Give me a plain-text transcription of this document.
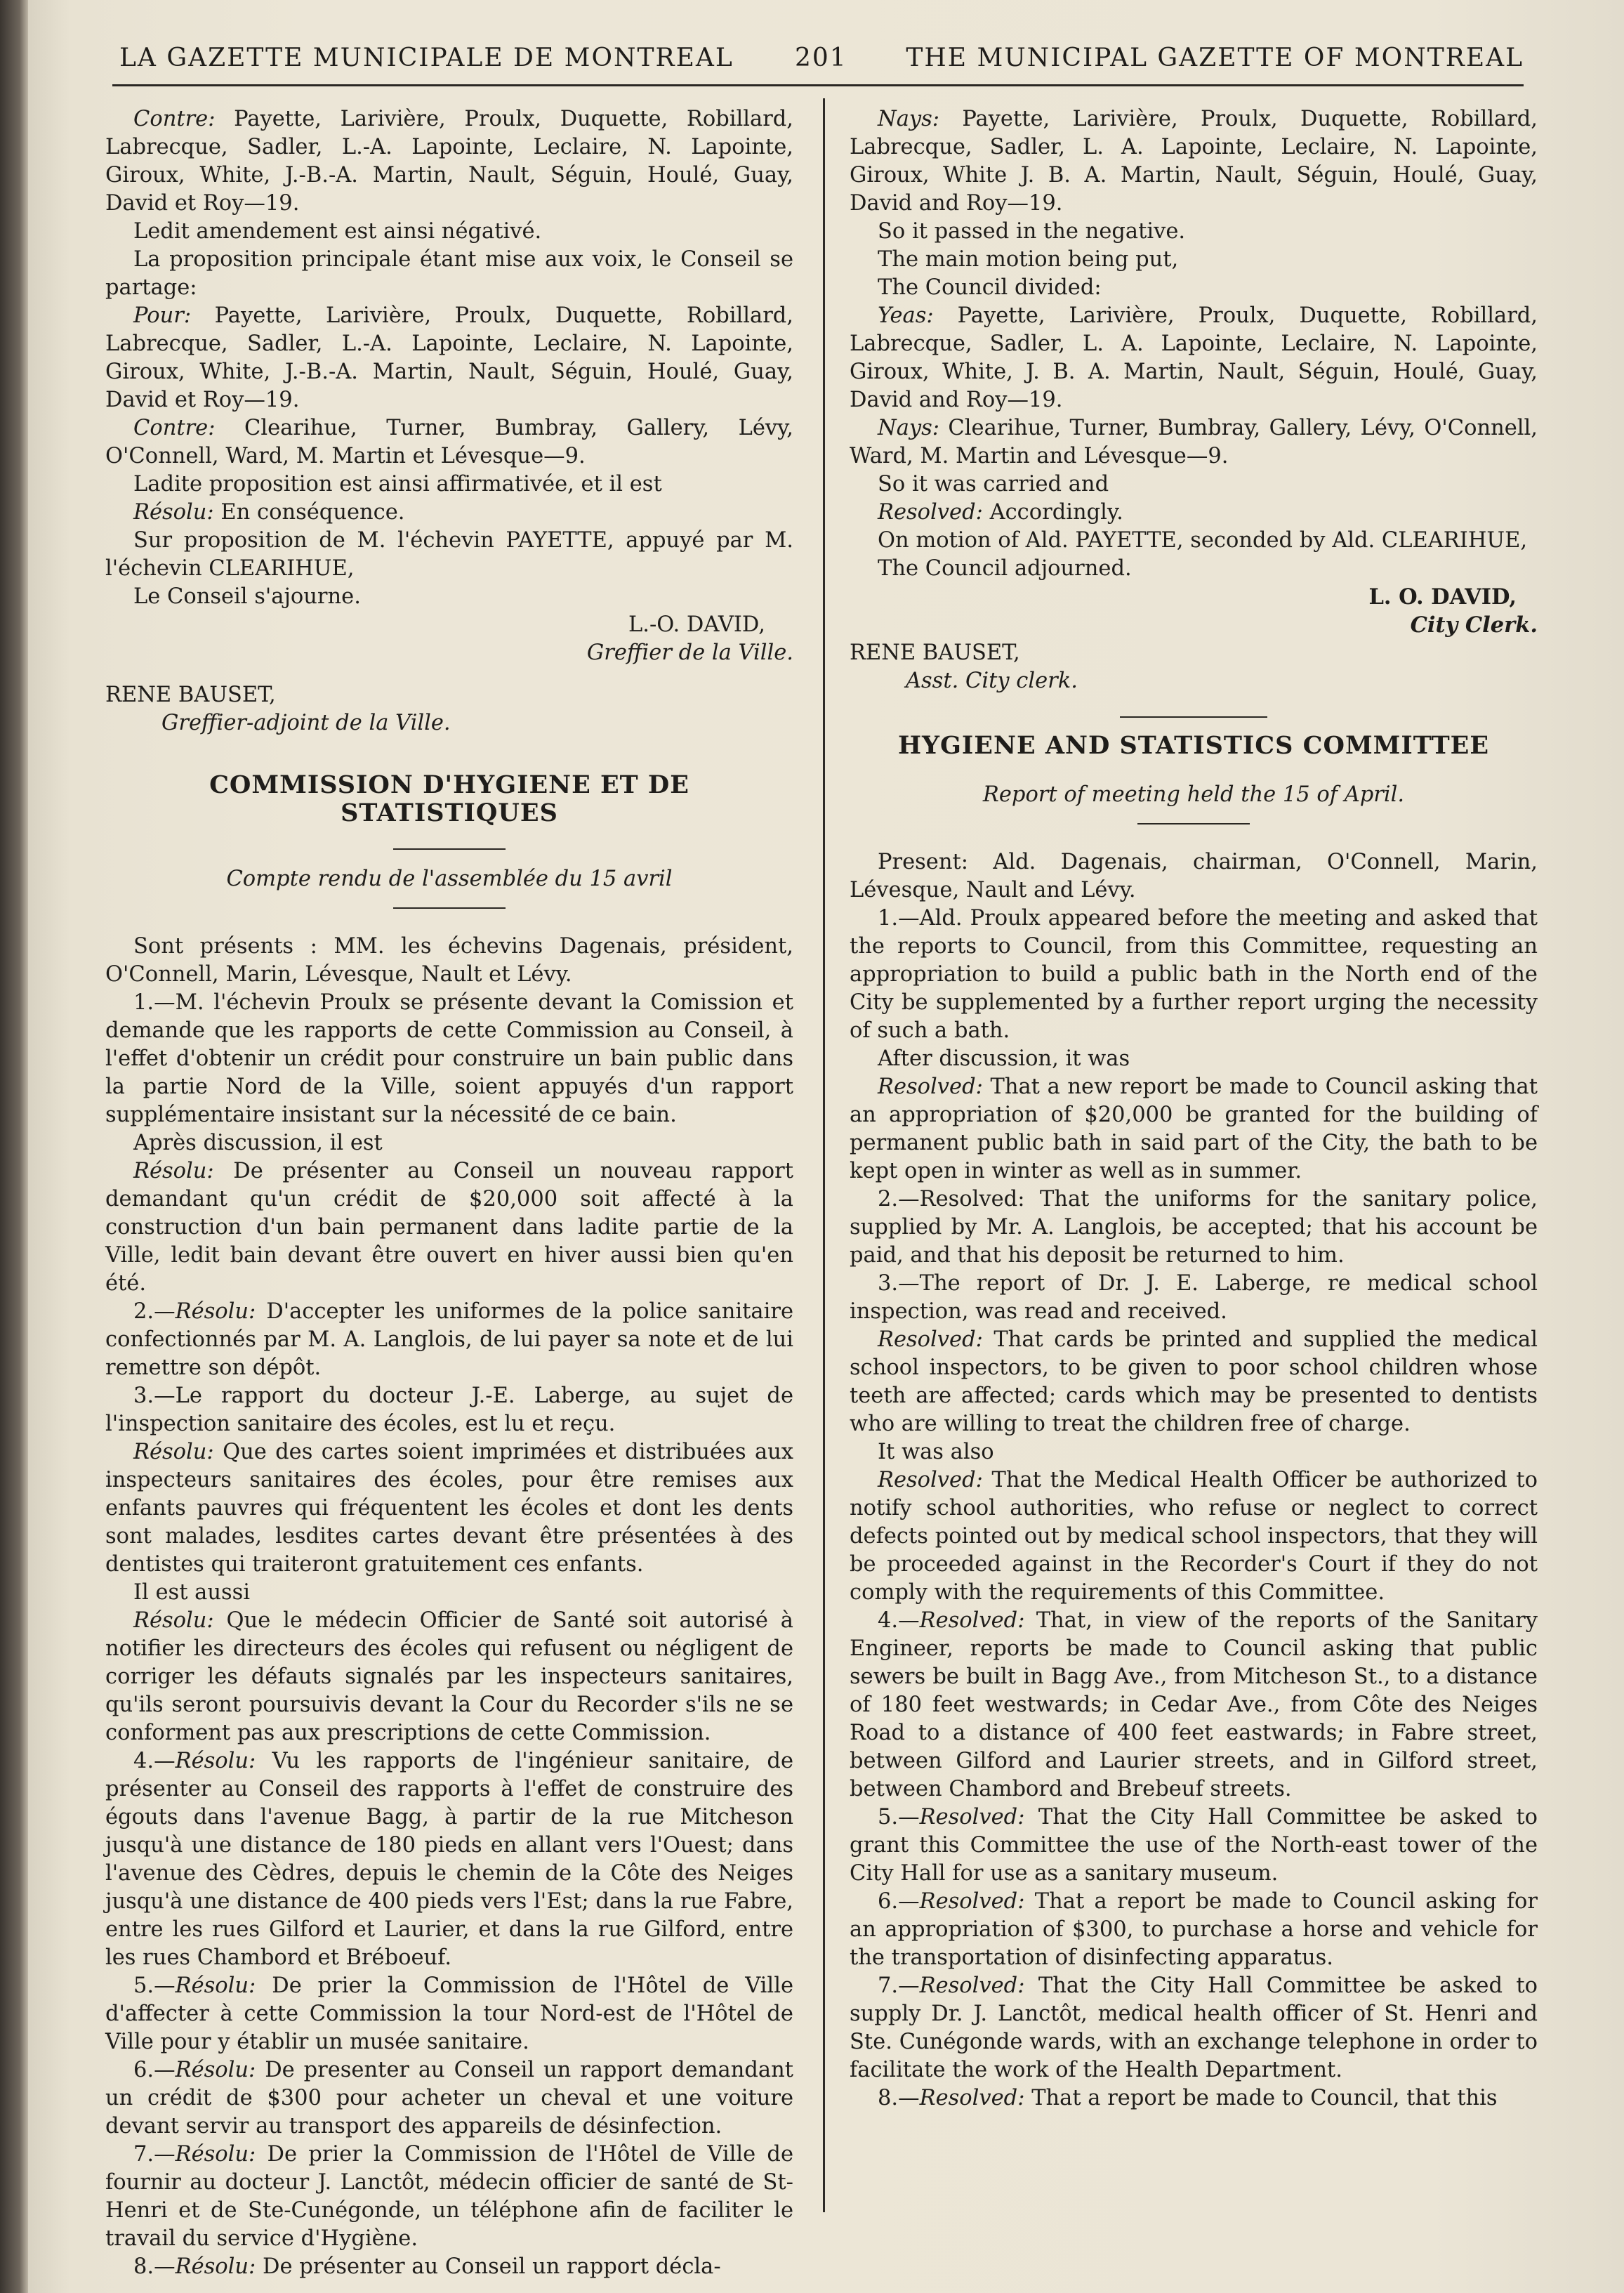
LA GAZETTE MUNICIPALE DE MONTREAL 201 THE MUNICIPAL GAZETTE OF MONTREAL

Contre: Payette, Larivière, Proulx, Duquette, Robillard, Labrecque, Sadler, L.-A. Lapointe, Leclaire, N. Lapointe, Giroux, White, J.-B.-A. Martin, Nault, Séguin, Houlé, Guay, David et Roy—19.

Ledit amendement est ainsi négativé.

La proposition principale étant mise aux voix, le Conseil se partage:

Pour: Payette, Larivière, Proulx, Duquette, Robillard, Labrecque, Sadler, L.-A. Lapointe, Leclaire, N. Lapointe, Giroux, White, J.-B.-A. Martin, Nault, Séguin, Houlé, Guay, David et Roy—19.

Contre: Clearihue, Turner, Bumbray, Gallery, Lévy, O'Connell, Ward, M. Martin et Lévesque—9.

Ladite proposition est ainsi affirmativée, et il est

Résolu: En conséquence.

Sur proposition de M. l'échevin PAYETTE, appuyé par M. l'échevin CLEARIHUE,

Le Conseil s'ajourne.

L.-O. DAVID,

Greffier de la Ville.

RENE BAUSET,

Greffier-adjoint de la Ville.

COMMISSION D'HYGIENE ET DE STATISTIQUES

Compte rendu de l'assemblée du 15 avril

Sont présents : MM. les échevins Dagenais, président, O'Connell, Marin, Lévesque, Nault et Lévy.

1.—M. l'échevin Proulx se présente devant la Comission et demande que les rapports de cette Commission au Conseil, à l'effet d'obtenir un crédit pour construire un bain public dans la partie Nord de la Ville, soient appuyés d'un rapport supplémentaire insistant sur la nécessité de ce bain.

Après discussion, il est

Résolu: De présenter au Conseil un nouveau rapport demandant qu'un crédit de $20,000 soit affecté à la construction d'un bain permanent dans ladite partie de la Ville, ledit bain devant être ouvert en hiver aussi bien qu'en été.

2.—Résolu: D'accepter les uniformes de la police sanitaire confectionnés par M. A. Langlois, de lui payer sa note et de lui remettre son dépôt.

3.—Le rapport du docteur J.-E. Laberge, au sujet de l'inspection sanitaire des écoles, est lu et reçu.

Résolu: Que des cartes soient imprimées et distribuées aux inspecteurs sanitaires des écoles, pour être remises aux enfants pauvres qui fréquentent les écoles et dont les dents sont malades, lesdites cartes devant être présentées à des dentistes qui traiteront gratuitement ces enfants.

Il est aussi

Résolu: Que le médecin Officier de Santé soit autorisé à notifier les directeurs des écoles qui refusent ou négligent de corriger les défauts signalés par les inspecteurs sanitaires, qu'ils seront poursuivis devant la Cour du Recorder s'ils ne se conforment pas aux prescriptions de cette Commission.

4.—Résolu: Vu les rapports de l'ingénieur sanitaire, de présenter au Conseil des rapports à l'effet de construire des égouts dans l'avenue Bagg, à partir de la rue Mitcheson jusqu'à une distance de 180 pieds en allant vers l'Ouest; dans l'avenue des Cèdres, depuis le chemin de la Côte des Neiges jusqu'à une distance de 400 pieds vers l'Est; dans la rue Fabre, entre les rues Gilford et Laurier, et dans la rue Gilford, entre les rues Chambord et Bréboeuf.

5.—Résolu: De prier la Commission de l'Hôtel de Ville d'affecter à cette Commission la tour Nord-est de l'Hôtel de Ville pour y établir un musée sanitaire.

6.—Résolu: De presenter au Conseil un rapport demandant un crédit de $300 pour acheter un cheval et une voiture devant servir au transport des appareils de désinfection.

7.—Résolu: De prier la Commission de l'Hôtel de Ville de fournir au docteur J. Lanctôt, médecin officier de santé de St-Henri et de Ste-Cunégonde, un téléphone afin de faciliter le travail du service d'Hygiène.

8.—Résolu: De présenter au Conseil un rapport décla-

Nays: Payette, Larivière, Proulx, Duquette, Robillard, Labrecque, Sadler, L. A. Lapointe, Leclaire, N. Lapointe, Giroux, White J. B. A. Martin, Nault, Séguin, Houlé, Guay, David and Roy—19.

So it passed in the negative.

The main motion being put,

The Council divided:

Yeas: Payette, Larivière, Proulx, Duquette, Robillard, Labrecque, Sadler, L. A. Lapointe, Leclaire, N. Lapointe, Giroux, White, J. B. A. Martin, Nault, Séguin, Houlé, Guay, David and Roy—19.

Nays: Clearihue, Turner, Bumbray, Gallery, Lévy, O'Connell, Ward, M. Martin and Lévesque—9.

So it was carried and

Resolved: Accordingly.

On motion of Ald. PAYETTE, seconded by Ald. CLEARIHUE,

The Council adjourned.

L. O. DAVID,

City Clerk.

RENE BAUSET,

Asst. City clerk.

HYGIENE AND STATISTICS COMMITTEE

Report of meeting held the 15 of April.

Present: Ald. Dagenais, chairman, O'Connell, Marin, Lévesque, Nault and Lévy.

1.—Ald. Proulx appeared before the meeting and asked that the reports to Council, from this Committee, requesting an appropriation to build a public bath in the North end of the City be supplemented by a further report urging the necessity of such a bath.

After discussion, it was

Resolved: That a new report be made to Council asking that an appropriation of $20,000 be granted for the building of permanent public bath in said part of the City, the bath to be kept open in winter as well as in summer.

2.—Resolved: That the uniforms for the sanitary police, supplied by Mr. A. Langlois, be accepted; that his account be paid, and that his deposit be returned to him.

3.—The report of Dr. J. E. Laberge, re medical school inspection, was read and received.

Resolved: That cards be printed and supplied the medical school inspectors, to be given to poor school children whose teeth are affected; cards which may be presented to dentists who are willing to treat the children free of charge.

It was also

Resolved: That the Medical Health Officer be authorized to notify school authorities, who refuse or neglect to correct defects pointed out by medical school inspectors, that they will be proceeded against in the Recorder's Court if they do not comply with the requirements of this Committee.

4.—Resolved: That, in view of the reports of the Sanitary Engineer, reports be made to Council asking that public sewers be built in Bagg Ave., from Mitcheson St., to a distance of 180 feet westwards; in Cedar Ave., from Côte des Neiges Road to a distance of 400 feet eastwards; in Fabre street, between Gilford and Laurier streets, and in Gilford street, between Chambord and Brebeuf streets.

5.—Resolved: That the City Hall Committee be asked to grant this Committee the use of the North-east tower of the City Hall for use as a sanitary museum.

6.—Resolved: That a report be made to Council asking for an appropriation of $300, to purchase a horse and vehicle for the transportation of disinfecting apparatus.

7.—Resolved: That the City Hall Committee be asked to supply Dr. J. Lanctôt, medical health officer of St. Henri and Ste. Cunégonde wards, with an exchange telephone in order to facilitate the work of the Health Department.

8.—Resolved: That a report be made to Council, that this
